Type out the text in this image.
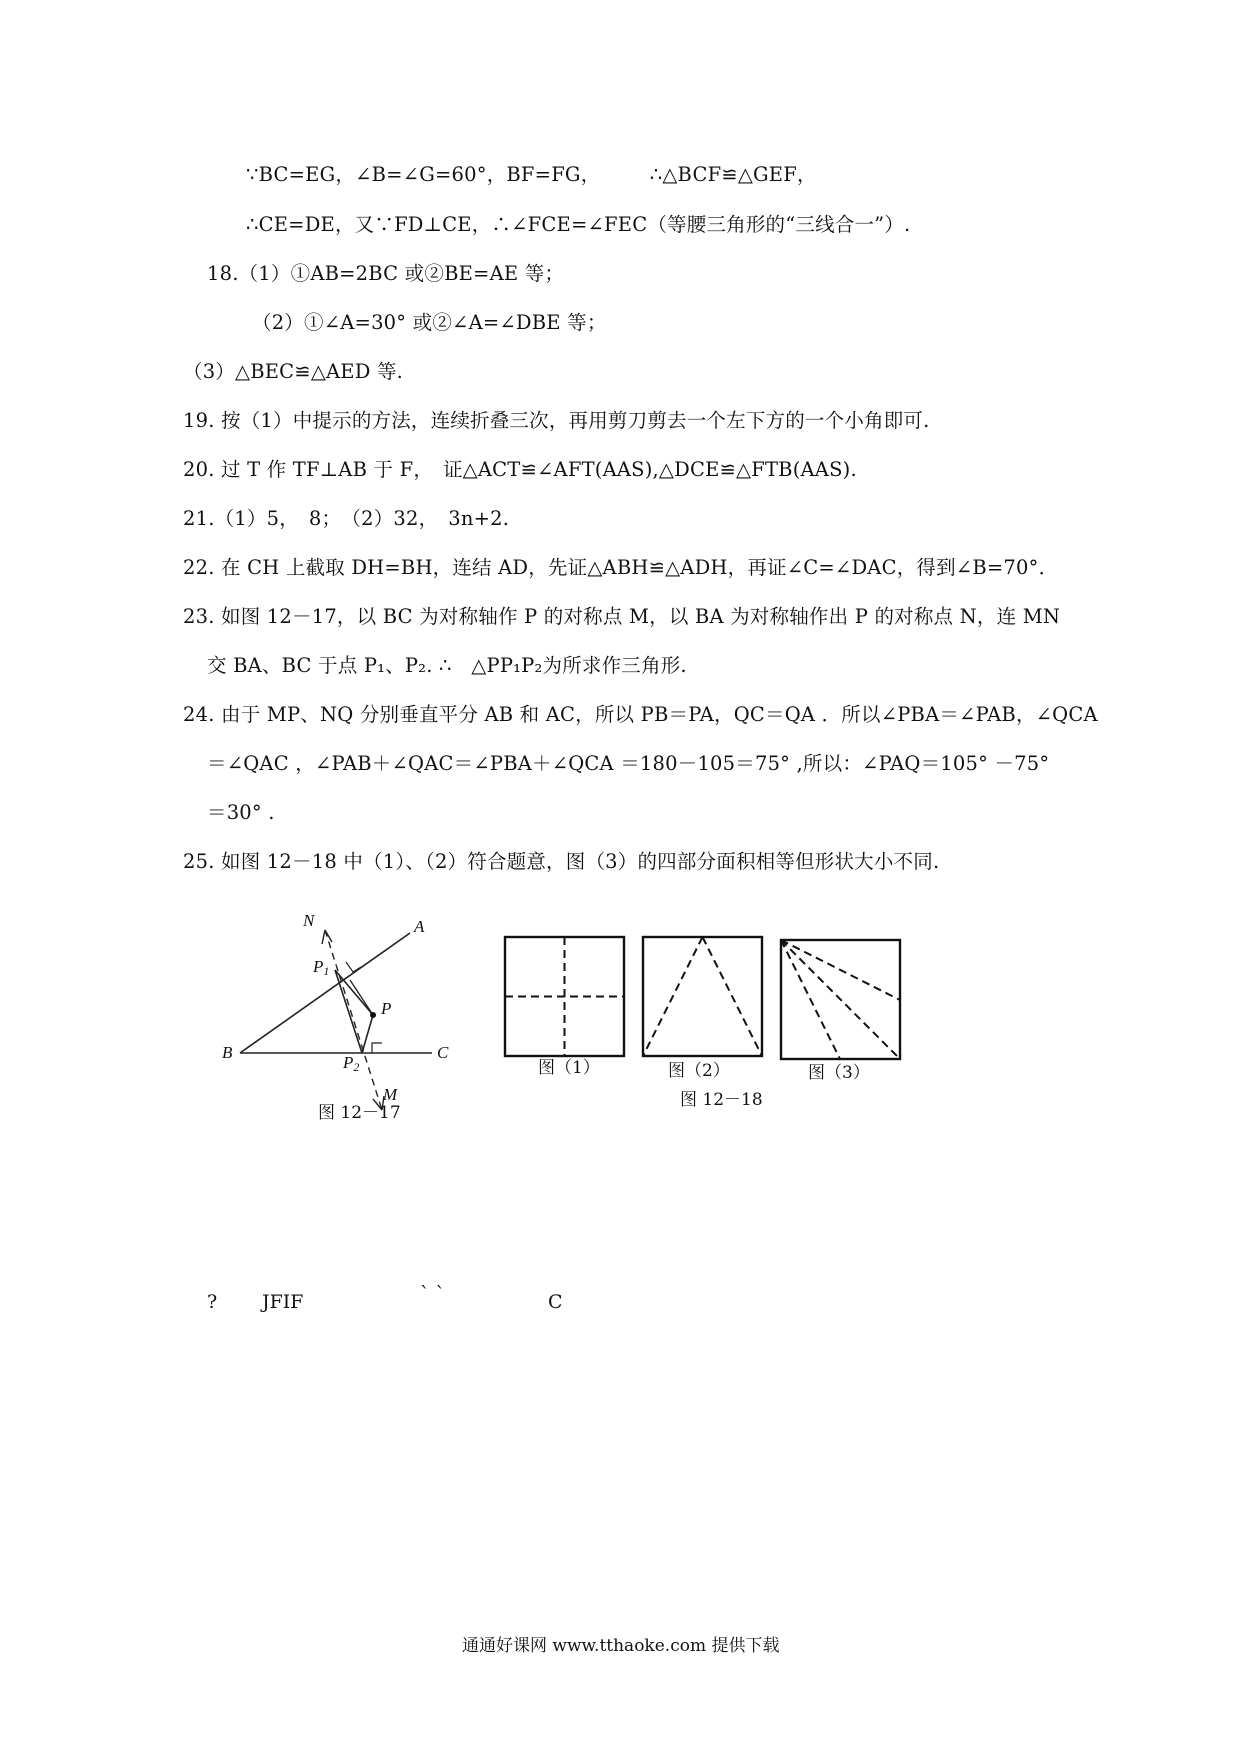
∵BC=EG，∠B=∠G=60°，BF=FG，　　　∴△BCF≌△GEF，
∴CE=DE，又∵FD⊥CE，∴∠FCE=∠FEC（等腰三角形的“三线合一”）.
18.（1）①AB=2BC 或②BE=AE 等；
（2）①∠A=30° 或②∠A=∠DBE 等；
（3）△BEC≌△AED 等.
19. 按（1）中提示的方法，连续折叠三次，再用剪刀剪去一个左下方的一个小角即可.
20. 过 T 作 TF⊥AB 于 F，　证△ACT≌∠AFT(AAS),△DCE≌△FTB(AAS).
21.（1）5，　8；　（2）32，　3n+2.
22. 在 CH 上截取 DH=BH，连结 AD，先证△ABH≌△ADH，再证∠C=∠DAC，得到∠B=70°．
23. 如图 12－17，以 BC 为对称轴作 P 的对称点 M，以 BA 为对称轴作出 P 的对称点 N，连 MN
交 BA、BC 于点 P₁、P₂. ∴　△PP₁P₂为所求作三角形.
24. 由于 MP、NQ 分别垂直平分 AB 和 AC，所以 PB＝PA，QC＝QA ．所以∠PBA＝∠PAB，∠QCA
＝∠QAC ，∠PAB＋∠QAC＝∠PBA＋∠QCA ＝180－105＝75° ,所以：∠PAQ＝105° －75°
＝30° .
25. 如图 12－18 中（1）、（2）符合题意，图（3）的四部分面积相等但形状大小不同.
N	A
$P_1$
P
B
$P_2$
C
M
图 12－17
图（1）	图（2）	图（3）
图 12－18
? JFIF	` `	C
通通好课网 www.tthaoke.com 提供下载
